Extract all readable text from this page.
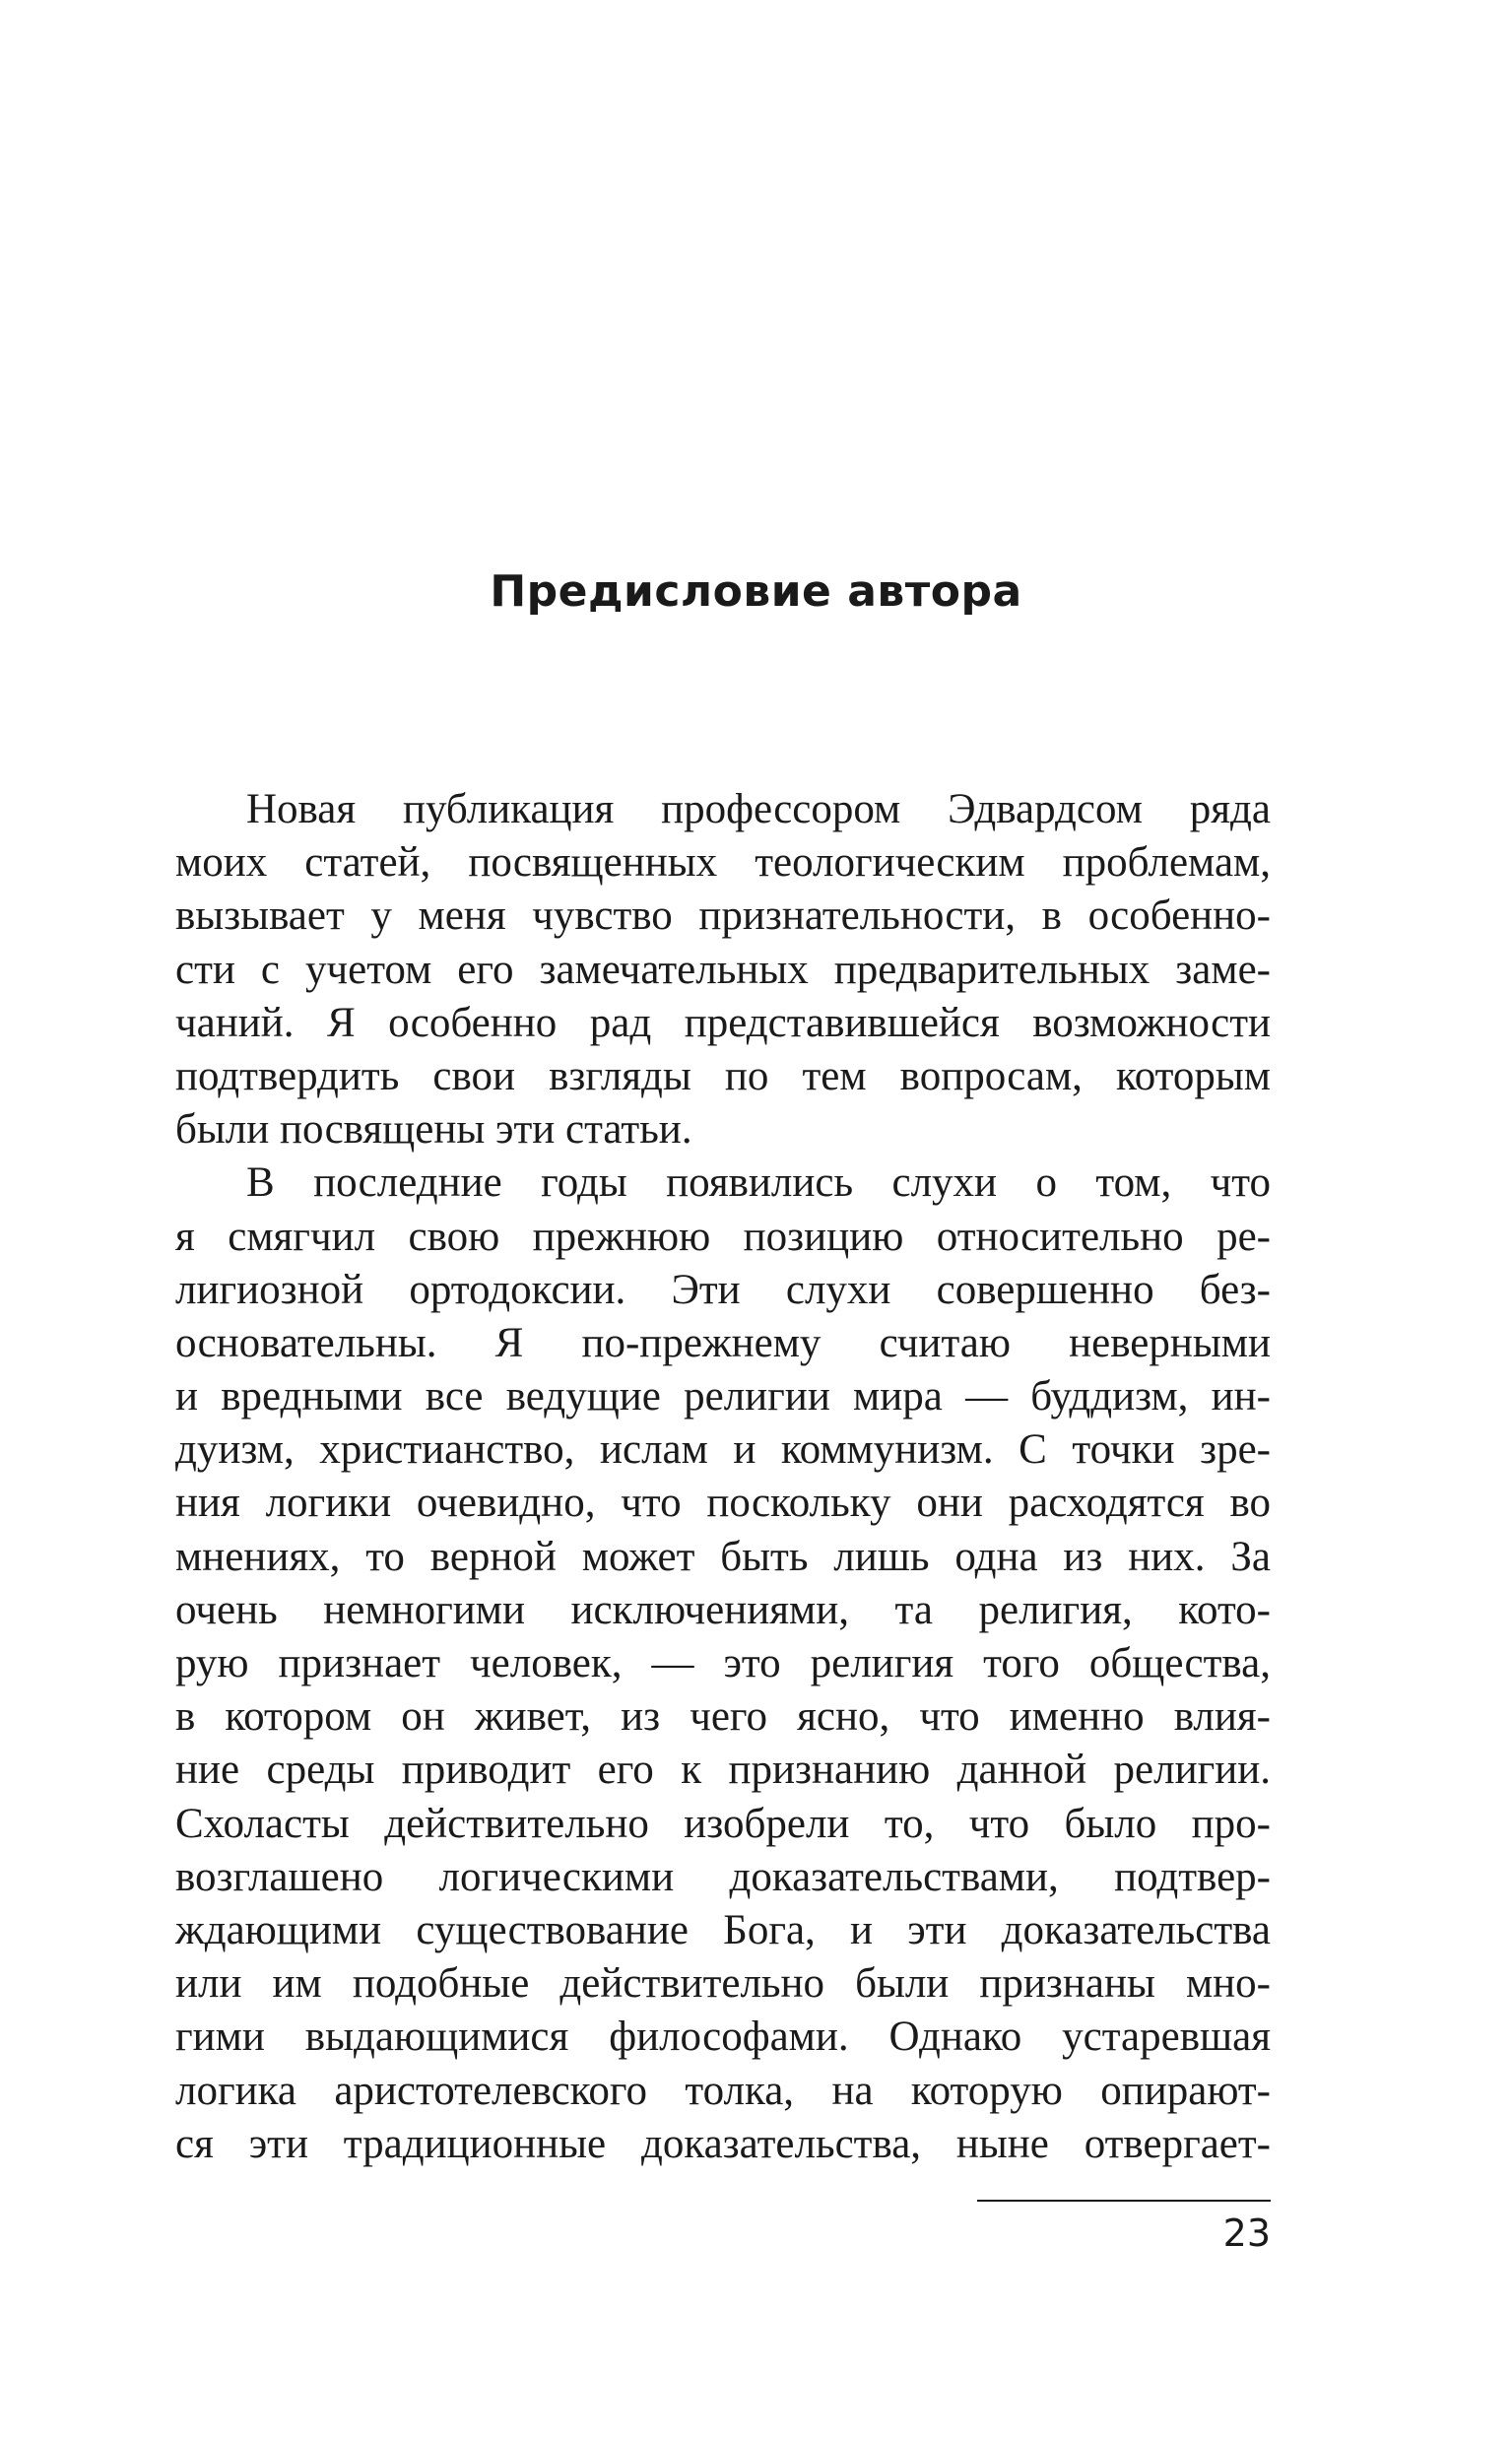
Предисловие автора
Новая публикация профессором Эдвардсом ряда
моих статей, посвященных теологическим проблемам,
вызывает у меня чувство признательности, в особенно-
сти с учетом его замечательных предварительных заме-
чаний. Я особенно рад представившейся возможности
подтвердить свои взгляды по тем вопросам, которым
были посвящены эти статьи.
В последние годы появились слухи о том, что
я смягчил свою прежнюю позицию относительно ре-
лигиозной ортодоксии. Эти слухи совершенно без-
основательны. Я по-прежнему считаю неверными
и вредными все ведущие религии мира — буддизм, ин-
дуизм, христианство, ислам и коммунизм. С точки зре-
ния логики очевидно, что поскольку они расходятся во
мнениях, то верной может быть лишь одна из них. За
очень немногими исключениями, та религия, кото-
рую признает человек, — это религия того общества,
в котором он живет, из чего ясно, что именно влия-
ние среды приводит его к признанию данной религии.
Схоласты действительно изобрели то, что было про-
возглашено логическими доказательствами, подтвер-
ждающими существование Бога, и эти доказательства
или им подобные действительно были признаны мно-
гими выдающимися философами. Однако устаревшая
логика аристотелевского толка, на которую опирают-
ся эти традиционные доказательства, ныне отвергает-
23
